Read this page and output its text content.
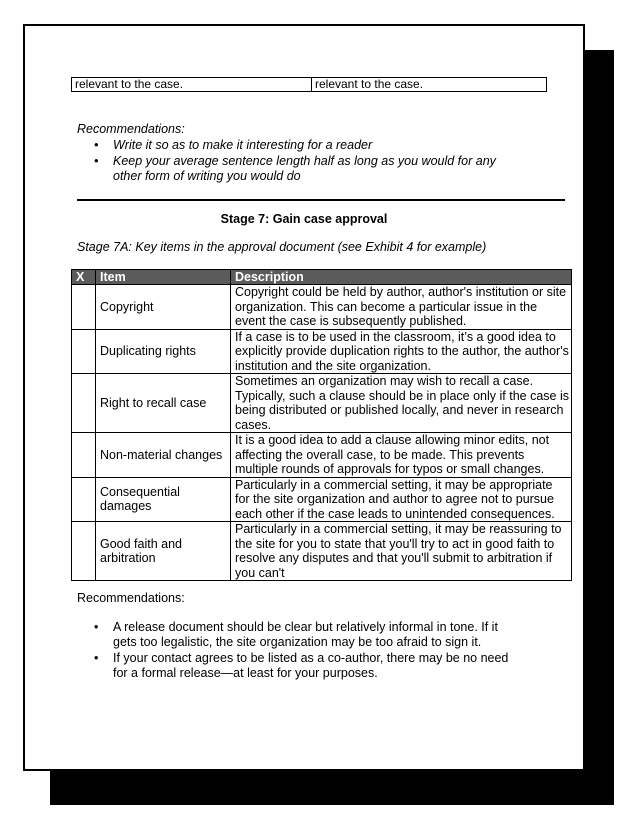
relevant to the case.	relevant to the case.
Recommendations:
• Write it so as to make it interesting for a reader
• Keep your average sentence length half as long as you would for any other form of writing you would do
Stage 7: Gain case approval
Stage 7A: Key items in the approval document (see Exhibit 4 for example)
X	Item	Description
	Copyright	Copyright could be held by author, author's institution or site organization. This can become a particular issue in the event the case is subsequently published.
	Duplicating rights	If a case is to be used in the classroom, it’s a good idea to explicitly provide duplication rights to the author, the author's institution and the site organization.
	Right to recall case	Sometimes an organization may wish to recall a case. Typically, such a clause should be in place only if the case is being distributed or published locally, and never in research cases.
	Non-material changes	It is a good idea to add a clause allowing minor edits, not affecting the overall case, to be made. This prevents multiple rounds of approvals for typos or small changes.
	Consequential damages	Particularly in a commercial setting, it may be appropriate for the site organization and author to agree not to pursue each other if the case leads to unintended consequences.
	Good faith and arbitration	Particularly in a commercial setting, it may be reassuring to the site for you to state that you'll try to act in good faith to resolve any disputes and that you'll submit to arbitration if you can't
Recommendations:
• A release document should be clear but relatively informal in tone. If it gets too legalistic, the site organization may be too afraid to sign it.
• If your contact agrees to be listed as a co-author, there may be no need for a formal release—at least for your purposes.
